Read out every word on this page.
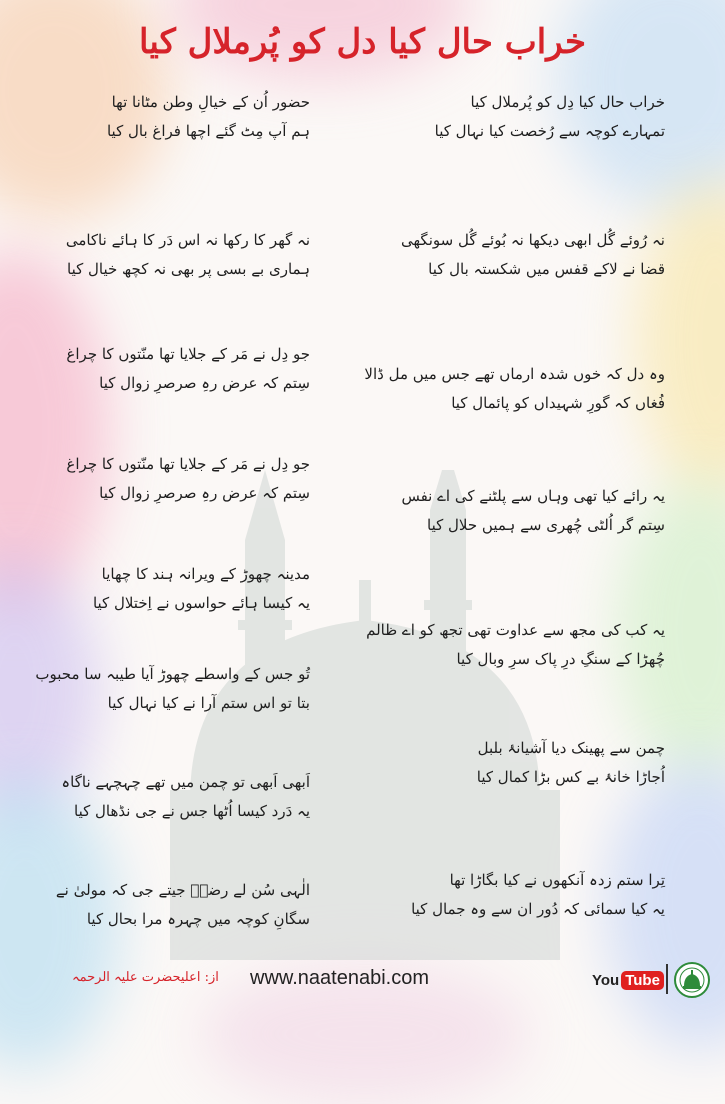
خراب حال کیا دل کو پُرملال کیا
خراب حال کیا دِل کو پُرملال کیا
تمہارے کوچہ سے رُخصت کیا نہال کیا
نہ رُوئے گُل ابھی دیکھا نہ بُوئے گُل سونگھی
قضا نے لاکے قفس میں شکستہ بال کیا
وہ دل کہ خوں شدہ ارماں تھے جس میں مل ڈالا
فُغاں کہ گورِ شہیداں کو پائمال کیا
یہ رائے کیا تھی وہاں سے پلٹنے کی اے نفس
سِتم گر اُلٹی چُھری سے ہمیں حلال کیا
یہ کب کی مجھ سے عداوت تھی تجھ کو اے ظالم
چُھڑا کے سنگِ درِ پاک سرِ وبال کیا
چمن سے پھینک دیا آشیانۂ بلبل
اُجاڑا خانۂ بے کس بڑا کمال کیا
تِرا ستم زدہ آنکھوں نے کیا بگاڑا تھا
یہ کیا سمائی کہ دُور ان سے وہ جمال کیا
حضور اُن کے خیالِ وطن مٹانا تھا
ہم آپ مِٹ گئے اچھا فراغ بال کیا
نہ گھر کا رکھا نہ اس دَر کا ہائے ناکامی
ہماری بے بسی پر بھی نہ کچھ خیال کیا
جو دِل نے مَر کے جلایا تھا منّتوں کا چراغ
سِتم کہ عرض رہِ صرصرِ زوال کیا
جو دِل نے مَر کے جلایا تھا منّتوں کا چراغ
سِتم کہ عرض رہِ صرصرِ زوال کیا
مدینہ چھوڑ کے ویرانہ ہند کا چھایا
یہ کیسا ہائے حواسوں نے اِختلال کیا
تُو جس کے واسطے چھوڑ آیا طیبہ سا محبوب
بتا تو اس ستم آرا نے کیا نہال کیا
اَبھی اَبھی تو چمن میں تھے چہچہے ناگاہ
یہ دَرد کیسا اُٹھا جس نے جی نڈھال کیا
الٰہی سُن لے رضاؔ جیتے جی کہ مولیٰ نے
سگانِ کوچہ میں چہرہ مرا بحال کیا
از: اعلیحضرت علیہ الرحمہ www.naatenabi.com	You Tube
